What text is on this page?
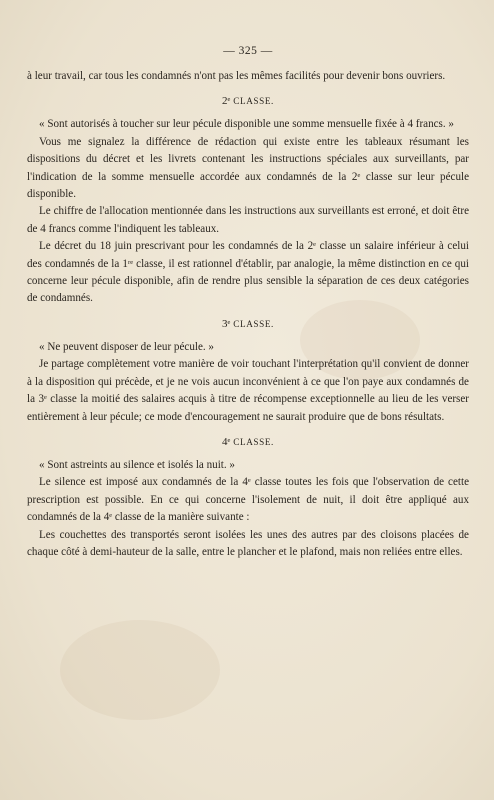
— 325 —

à leur travail, car tous les condamnés n'ont pas les mêmes facilités pour devenir bons ouvriers.

2ᵉ CLASSE.

« Sont autorisés à toucher sur leur pécule disponible une somme mensuelle fixée à 4 francs. »

Vous me signalez la différence de rédaction qui existe entre les tableaux résumant les dispositions du décret et les livrets contenant les instructions spéciales aux surveillants, par l'indication de la somme mensuelle accordée aux condamnés de la 2ᵉ classe sur leur pécule disponible.

Le chiffre de l'allocation mentionnée dans les instructions aux surveillants est erroné, et doit être de 4 francs comme l'indiquent les tableaux.

Le décret du 18 juin prescrivant pour les condamnés de la 2ᵉ classe un salaire inférieur à celui des condamnés de la 1ʳᵉ classe, il est rationnel d'établir, par analogie, la même distinction en ce qui concerne leur pécule disponible, afin de rendre plus sensible la séparation de ces deux catégories de condamnés.

3ᵉ CLASSE.

« Ne peuvent disposer de leur pécule. »

Je partage complètement votre manière de voir touchant l'interprétation qu'il convient de donner à la disposition qui précède, et je ne vois aucun inconvénient à ce que l'on paye aux condamnés de la 3ᵉ classe la moitié des salaires acquis à titre de récompense exceptionnelle au lieu de les verser entièrement à leur pécule; ce mode d'encouragement ne saurait produire que de bons résultats.

4ᵉ CLASSE.

« Sont astreints au silence et isolés la nuit. »

Le silence est imposé aux condamnés de la 4ᵉ classe toutes les fois que l'observation de cette prescription est possible. En ce qui concerne l'isolement de nuit, il doit être appliqué aux condamnés de la 4ᵉ classe de la manière suivante :

Les couchettes des transportés seront isolées les unes des autres par des cloisons placées de chaque côté à demi-hauteur de la salle, entre le plancher et le plafond, mais non reliées entre elles.
